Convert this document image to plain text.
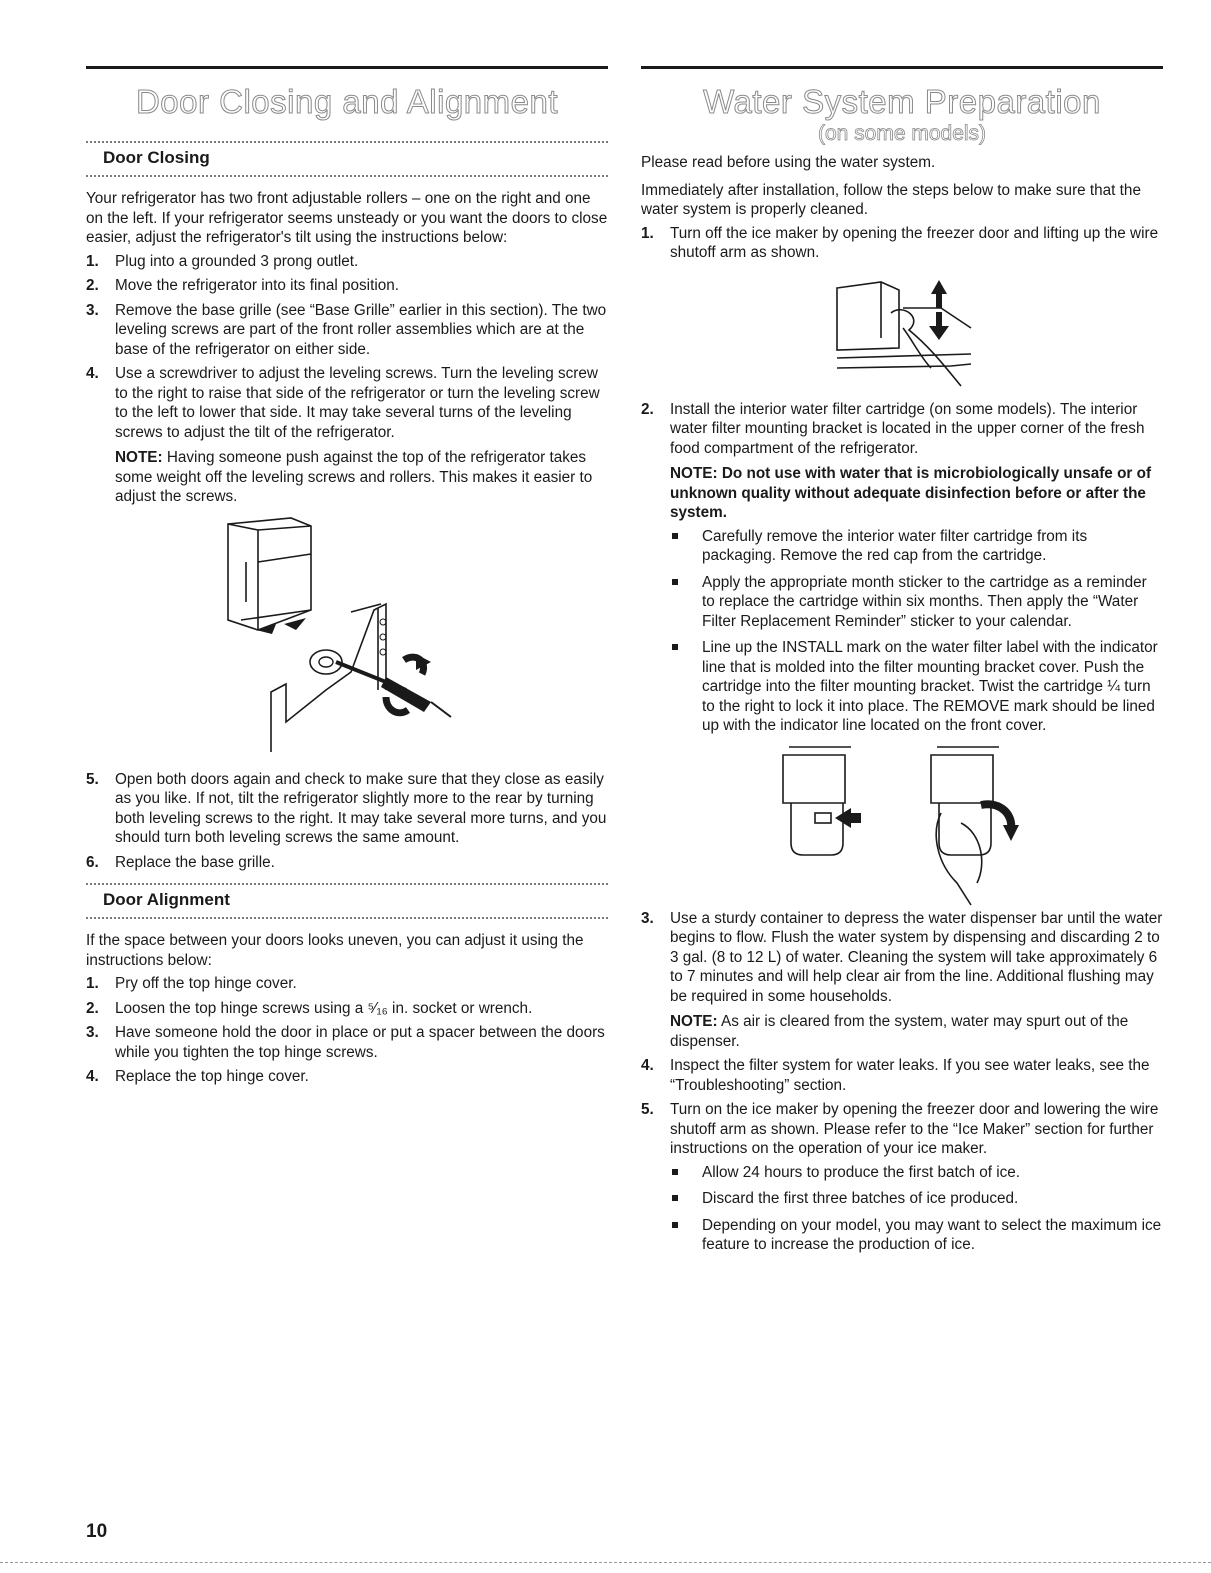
Door Closing and Alignment
Door Closing

Your refrigerator has two front adjustable rollers – one on the right and one on the left. If your refrigerator seems unsteady or you want the doors to close easier, adjust the refrigerator's tilt using the instructions below:

1. Plug into a grounded 3 prong outlet.
2. Move the refrigerator into its final position.
3. Remove the base grille (see “Base Grille” earlier in this section). The two leveling screws are part of the front roller assemblies which are at the base of the refrigerator on either side.
4. Use a screwdriver to adjust the leveling screws. Turn the leveling screw to the right to raise that side of the refrigerator or turn the leveling screw to the left to lower that side. It may take several turns of the leveling screws to adjust the tilt of the refrigerator.
NOTE: Having someone push against the top of the refrigerator takes some weight off the leveling screws and rollers. This makes it easier to adjust the screws.
5. Open both doors again and check to make sure that they close as easily as you like. If not, tilt the refrigerator slightly more to the rear by turning both leveling screws to the right. It may take several more turns, and you should turn both leveling screws the same amount.
6. Replace the base grille.
Door Alignment

If the space between your doors looks uneven, you can adjust it using the instructions below:

1. Pry off the top hinge cover.
2. Loosen the top hinge screws using a ⁵⁄₁₆ in. socket or wrench.
3. Have someone hold the door in place or put a spacer between the doors while you tighten the top hinge screws.
4. Replace the top hinge cover.
Water System Preparation
(on some models)

Please read before using the water system.

Immediately after installation, follow the steps below to make sure that the water system is properly cleaned.

1. Turn off the ice maker by opening the freezer door and lifting up the wire shutoff arm as shown.
2. Install the interior water filter cartridge (on some models). The interior water filter mounting bracket is located in the upper corner of the fresh food compartment of the refrigerator.
NOTE: Do not use with water that is microbiologically unsafe or of unknown quality without adequate disinfection before or after the system.
Carefully remove the interior water filter cartridge from its packaging. Remove the red cap from the cartridge.
Apply the appropriate month sticker to the cartridge as a reminder to replace the cartridge within six months. Then apply the “Water Filter Replacement Reminder” sticker to your calendar.
Line up the INSTALL mark on the water filter label with the indicator line that is molded into the filter mounting bracket cover. Push the cartridge into the filter mounting bracket. Twist the cartridge ¼ turn to the right to lock it into place. The REMOVE mark should be lined up with the indicator line located on the front cover.
3. Use a sturdy container to depress the water dispenser bar until the water begins to flow. Flush the water system by dispensing and discarding 2 to 3 gal. (8 to 12 L) of water. Cleaning the system will take approximately 6 to 7 minutes and will help clear air from the line. Additional flushing may be required in some households.
NOTE: As air is cleared from the system, water may spurt out of the dispenser.
4. Inspect the filter system for water leaks. If you see water leaks, see the “Troubleshooting” section.
5. Turn on the ice maker by opening the freezer door and lowering the wire shutoff arm as shown. Please refer to the “Ice Maker” section for further instructions on the operation of your ice maker.
Allow 24 hours to produce the first batch of ice.
Discard the first three batches of ice produced.
Depending on your model, you may want to select the maximum ice feature to increase the production of ice.
10
